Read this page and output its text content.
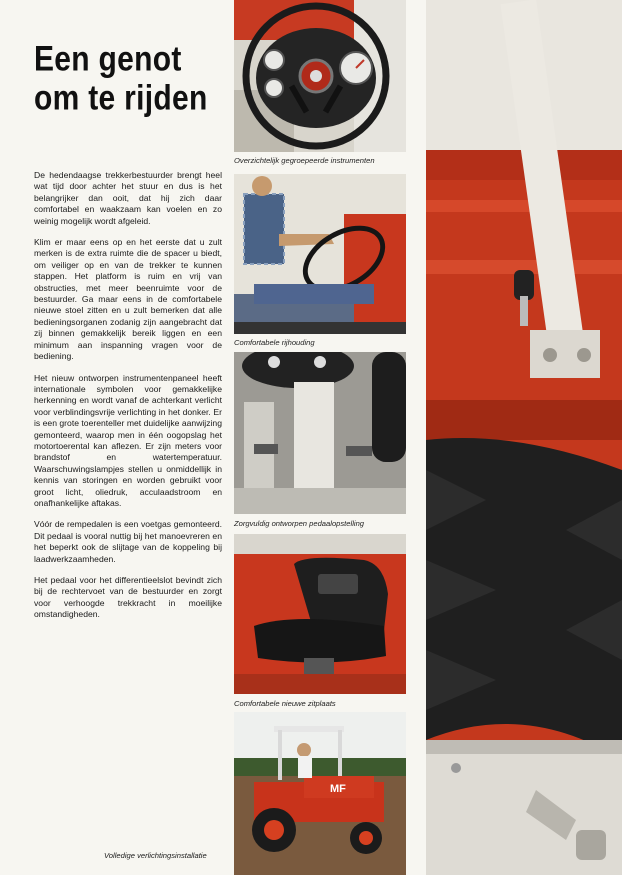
Een genot
om te rijden

De hedendaagse trekkerbestuurder brengt heel wat tijd door achter het stuur en dus is het belangrijker dan ooit, dat hij zich daar comfortabel en waakzaam kan voelen en zo weinig mogelijk wordt afgeleid.

Klim er maar eens op en het eerste dat u zult merken is de extra ruimte die de spacer u biedt, om veiliger op en van de trekker te kunnen stappen. Het platform is ruim en vrij van obstructies, met meer beenruimte voor de bestuurder. Ga maar eens in de comfortabele nieuwe stoel zitten en u zult bemerken dat alle bedieningsorganen zodanig zijn aangebracht dat zij binnen gemakkelijk bereik liggen en een minimum aan inspanning vragen voor de bediening.

Het nieuw ontworpen instrumentenpaneel heeft internationale symbolen voor gemakkelijke herkenning en wordt vanaf de achterkant verlicht voor verblindingsvrije verlichting in het donker. Er is een grote toerenteller met duidelijke aanwijzing gemonteerd, waarop men in één oogopslag het motortoerental kan aflezen. Er zijn meters voor brandstof en watertemperatuur. Waarschuwingslampjes stellen u onmiddellijk in kennis van storingen en worden gebruikt voor groot licht, oliedruk, acculaadstroom en onafhankelijke aftakas.

Vóór de rempedalen is een voetgas gemonteerd. Dit pedaal is vooral nuttig bij het manoevreren en het beperkt ook de slijtage van de koppeling bij laadwerkzaamheden.

Het pedaal voor het differentieelslot bevindt zich bij de rechtervoet van de bestuurder en zorgt voor verhoogde trekkracht in moeilijke omstandigheden.

Overzichtelijk gegroepeerde instrumenten
Comfortabele rijhouding
Zorgvuldig ontworpen pedaalopstelling
Comfortabele nieuwe zitplaats
MF
Volledige verlichtingsinstallatie
